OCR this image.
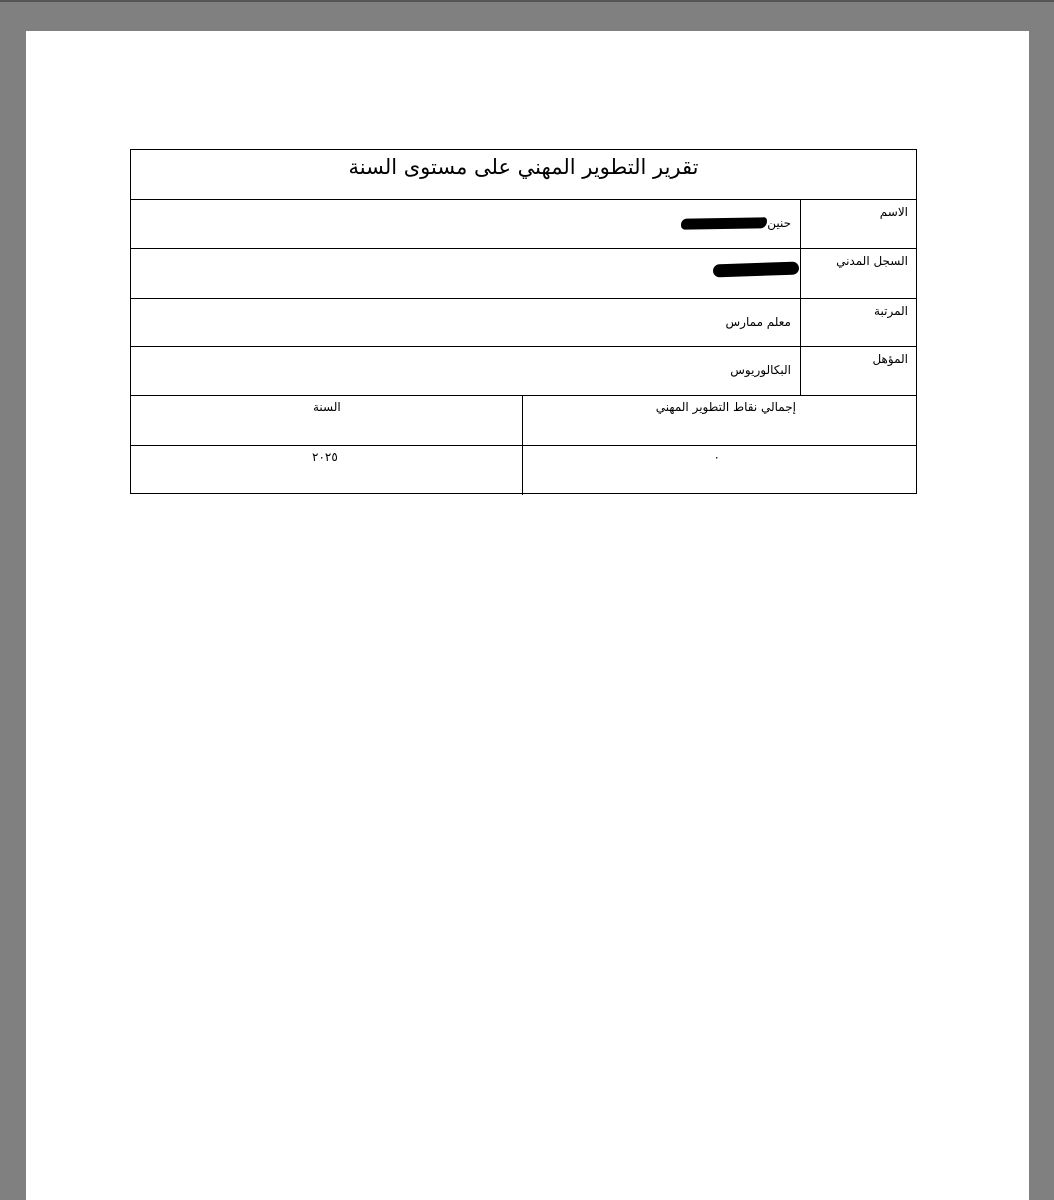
تقرير التطوير المهني على مستوى السنة
الاسم
حنين
السجل المدني
المرتبة
معلم ممارس
المؤهل
البكالوريوس
إجمالي نقاط التطوير المهني
السنة
٠
٢٠٢٥
